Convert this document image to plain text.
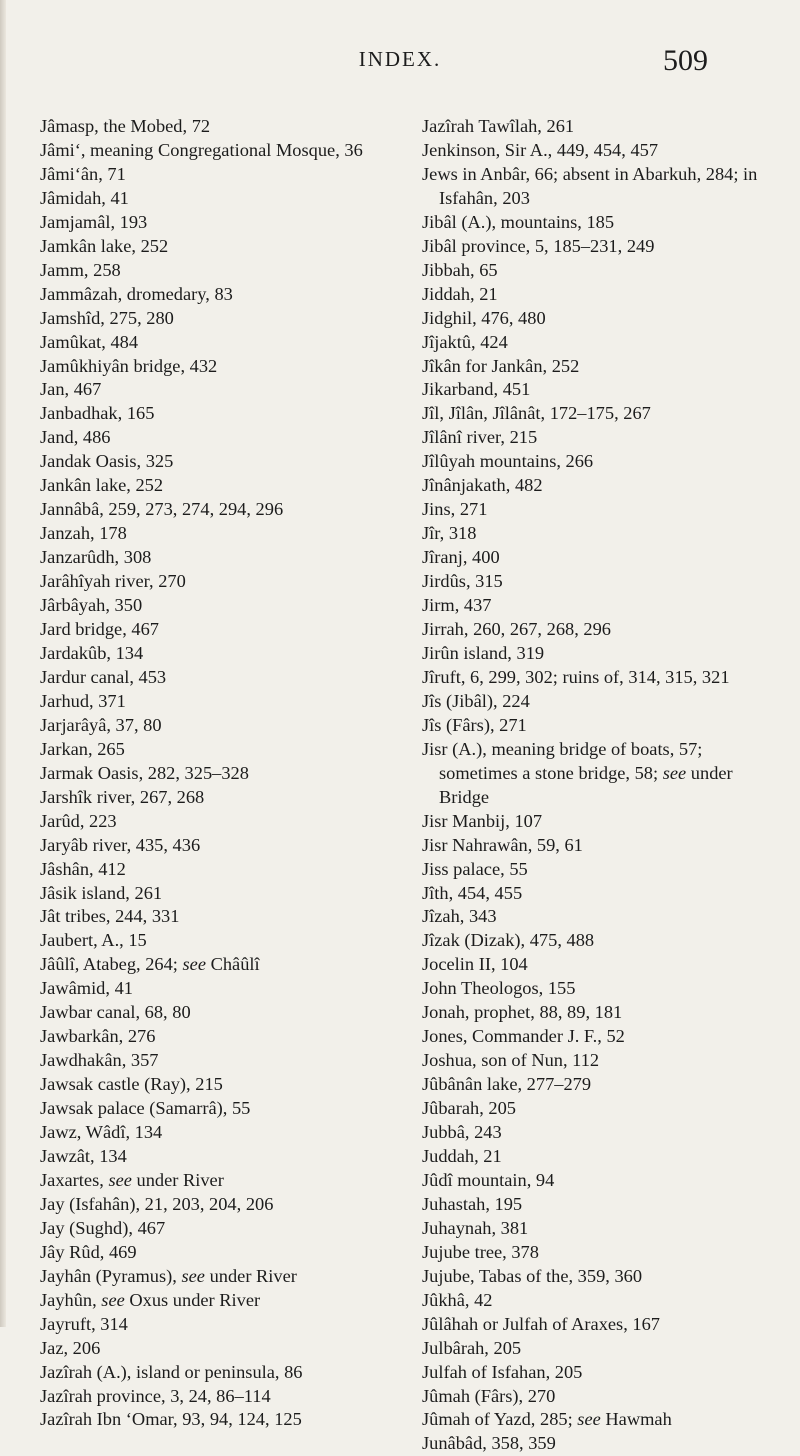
INDEX.	509

Jâmasp, the Mobed, 72

Jâmi‘, meaning Congregational Mosque, 36

Jâmi‘ân, 71

Jâmidah, 41

Jamjamâl, 193

Jamkân lake, 252

Jamm, 258

Jammâzah, dromedary, 83

Jamshîd, 275, 280

Jamûkat, 484

Jamûkhiyân bridge, 432

Jan, 467

Janbadhak, 165

Jand, 486

Jandak Oasis, 325

Jankân lake, 252

Jannâbâ, 259, 273, 274, 294, 296

Janzah, 178

Janzarûdh, 308

Jarâhîyah river, 270

Jârbâyah, 350

Jard bridge, 467

Jardakûb, 134

Jardur canal, 453

Jarhud, 371

Jarjarâyâ, 37, 80

Jarkan, 265

Jarmak Oasis, 282, 325–328

Jarshîk river, 267, 268

Jarûd, 223

Jaryâb river, 435, 436

Jâshân, 412

Jâsik island, 261

Jât tribes, 244, 331

Jaubert, A., 15

Jâûlî, Atabeg, 264; see Châûlî

Jawâmid, 41

Jawbar canal, 68, 80

Jawbarkân, 276

Jawdhakân, 357

Jawsak castle (Ray), 215

Jawsak palace (Samarrâ), 55

Jawz, Wâdî, 134

Jawzât, 134

Jaxartes, see under River

Jay (Isfahân), 21, 203, 204, 206

Jay (Sughd), 467

Jây Rûd, 469

Jayhân (Pyramus), see under River

Jayhûn, see Oxus under River

Jayruft, 314

Jaz, 206

Jazîrah (A.), island or peninsula, 86

Jazîrah province, 3, 24, 86–114

Jazîrah Ibn ‘Omar, 93, 94, 124, 125

Jazîrah Tawîlah, 261

Jenkinson, Sir A., 449, 454, 457

Jews in Anbâr, 66; absent in Abarkuh, 284; in Isfahân, 203

Jibâl (A.), mountains, 185

Jibâl province, 5, 185–231, 249

Jibbah, 65

Jiddah, 21

Jidghil, 476, 480

Jîjaktû, 424

Jîkân for Jankân, 252

Jikarband, 451

Jîl, Jîlân, Jîlânât, 172–175, 267

Jîlânî river, 215

Jîlûyah mountains, 266

Jînânjakath, 482

Jins, 271

Jîr, 318

Jîranj, 400

Jirdûs, 315

Jirm, 437

Jirrah, 260, 267, 268, 296

Jirûn island, 319

Jîruft, 6, 299, 302; ruins of, 314, 315, 321

Jîs (Jibâl), 224

Jîs (Fârs), 271

Jisr (A.), meaning bridge of boats, 57; sometimes a stone bridge, 58; see under Bridge

Jisr Manbij, 107

Jisr Nahrawân, 59, 61

Jiss palace, 55

Jîth, 454, 455

Jîzah, 343

Jîzak (Dizak), 475, 488

Jocelin II, 104

John Theologos, 155

Jonah, prophet, 88, 89, 181

Jones, Commander J. F., 52

Joshua, son of Nun, 112

Jûbânân lake, 277–279

Jûbarah, 205

Jubbâ, 243

Juddah, 21

Jûdî mountain, 94

Juhastah, 195

Juhaynah, 381

Jujube tree, 378

Jujube, Tabas of the, 359, 360

Jûkhâ, 42

Jûlâhah or Julfah of Araxes, 167

Julbârah, 205

Julfah of Isfahan, 205

Jûmah (Fârs), 270

Jûmah of Yazd, 285; see Hawmah

Junâbâd, 358, 359
